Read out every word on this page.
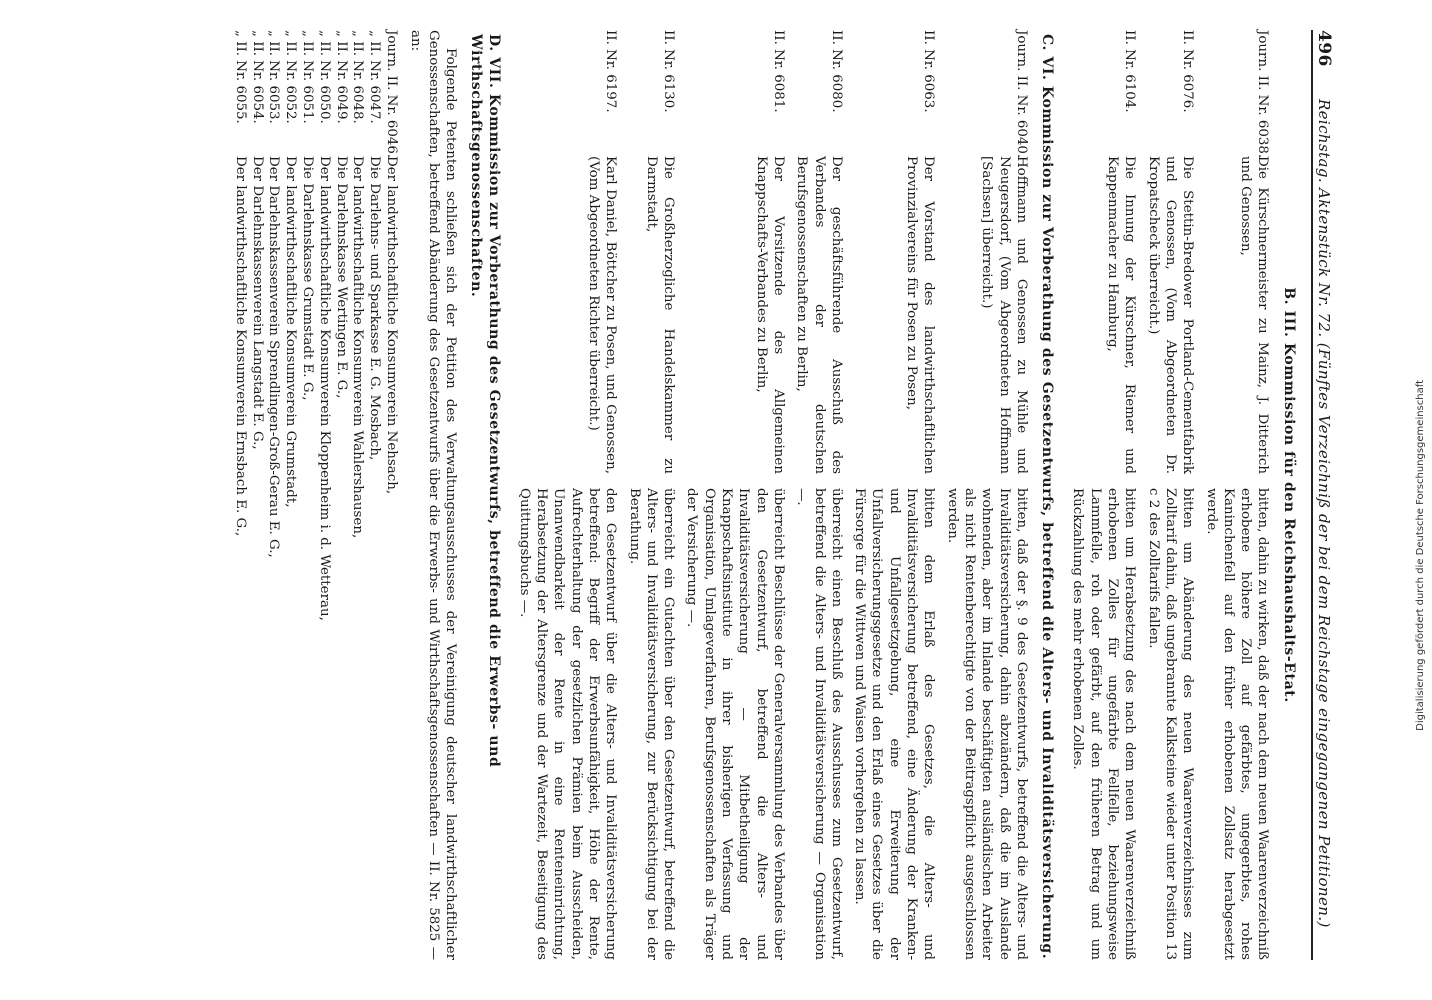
496
Reichstag. Aktenstück Nr. 72. (Fünftes Verzeichniß der bei dem Reichstage eingegangenen Petitionen.)
B. III. Kommission für den Reichshaushalts-Etat.
Journ. II. Nr. 6038.
Die Kürschnermeister zu Mainz, J. Ditterich und Genossen,
bitten, dahin zu wirken, daß der nach dem neuen Waarenverzeichniß erhobene höhere Zoll auf gefärbtes, ungegerbtes, rohes Kaninchenfell auf den früher erhobenen Zollsatz herabgesetzt werde.
II. Nr. 6076.
Die Stettin-Bredower Portland-Cementfabrik und Genossen, (Vom Abgeordneten Dr. Kropatscheck überreicht.)
bitten um Abänderung des neuen Waarenverzeichnisses zum Zolltarif dahin, daß ungebrannte Kalksteine wieder unter Position 13 c 2 des Zolltarifs fallen.
II. Nr. 6104.
Die Innung der Kürschner, Riemer und Kappenmacher zu Hamburg,
bitten um Herabsetzung des nach dem neuen Waarenverzeichniß erhobenen Zolles für ungefärbte Fellfelle, beziehungsweise Lammfelle, roh oder gefärbt, auf den früheren Betrag und um Rückzahlung des mehr erhobenen Zolles.
C. VI. Kommission zur Vorberathung des Gesetzentwurfs, betreffend die Alters- und Invaliditätsversicherung.
Journ. II. Nr. 6040.
Hoffmann und Genossen zu Mühle und Neugersdorf, (Vom Abgeordneten Hoffmann [Sachsen] überreicht.)
bitten, daß der §. 9 des Gesetzentwurfs, betreffend die Alters- und Invaliditätsversicherung, dahin abzuändern, daß die im Auslande wohnenden, aber im Inlande beschäftigten ausländischen Arbeiter als nicht Rentenberechtigte von der Beitragspflicht ausgeschlossen werden.
II. Nr. 6063.
Der Vorstand des landwirthschaftlichen Provinzialvereins für Posen zu Posen,
bitten dem Erlaß des Gesetzes, die Alters- und Invaliditätsversicherung betreffend, eine Änderung der Kranken- und Unfallgesetzgebung, eine Erweiterung der Unfallversicherungsgesetze und den Erlaß eines Gesetzes über die Fürsorge für die Wittwen und Waisen vorhergehen zu lassen.
II. Nr. 6080.
Der geschäftsführende Ausschuß des Verbandes der deutschen Berufsgenossenschaften zu Berlin,
überreicht einen Beschluß des Ausschusses zum Gesetzentwurf, betreffend die Alters- und Invaliditätsversicherung — Organisation —.
II. Nr. 6081.
Der Vorsitzende des Allgemeinen Knappschafts-Verbandes zu Berlin,
überreicht Beschlüsse der Generalversammlung des Verbandes über den Gesetzentwurf, betreffend die Alters- und Invaliditätsversicherung — Mitbetheiligung der Knappschaftsinstitute in ihrer bisherigen Verfassung und Organisation, Umlageverfahren, Berufsgenossenschaften als Träger der Versicherung —.
II. Nr. 6130.
Die Großherzogliche Handelskammer zu Darmstadt,
überreicht ein Gutachten über den Gesetzentwurf, betreffend die Alters- und Invaliditätsversicherung, zur Berücksichtigung bei der Berathung.
II. Nr. 6197.
Karl Daniel, Böttcher zu Posen, und Genossen, (Vom Abgeordneten Richter überreicht.)
den Gesetzentwurf über die Alters- und Invaliditätsversicherung betreffend: Begriff der Erwerbsunfähigkeit, Höhe der Rente, Aufrechterhaltung der gesetzlichen Prämien beim Ausscheiden, Unanwendbarkeit der Rente in eine Renteneinrichtung, Herabsetzung der Altersgrenze und der Wartezeit, Beseitigung des Quittungsbuchs —.
D. VII. Kommission zur Vorberathung des Gesetzentwurfs, betreffend die Erwerbs- und Wirthschaftsgenossenschaften.
Folgende Petenten schließen sich der Petition des Verwaltungsausschusses der Vereinigung deutscher landwirthschaftlicher Genossenschaften, betreffend Abänderung des Gesetzentwurfs über die Erwerbs- und Wirthschaftsgenossenschaften — II. Nr. 5825 — an:
Journ. II. Nr. 6046.
Der landwirthschaftliche Konsumverein Nehsach,
„ II. Nr. 6047.
Die Darlehns- und Sparkasse E. G. Mosbach,
„ II. Nr. 6048.
Der landwirthschaftliche Konsumverein Wahlershausen,
„ II. Nr. 6049.
Die Darlehnskasse Wertingen E. G.,
„ II. Nr. 6050.
Der landwirthschaftliche Konsumverein Kloppenheim i. d. Wetterau,
„ II. Nr. 6051.
Die Darlehnskasse Grumstadt E. G.,
„ II. Nr. 6052.
Der landwirthschaftliche Konsumverein Grumstadt,
„ II. Nr. 6053.
Der Darlehnskassenverein Sprendlingen-Groß-Gerau E. G.,
„ II. Nr. 6054.
Der Darlehnskassenverein Langstadt E. G.,
„ II. Nr. 6055.
Der landwirthschaftliche Konsumverein Ernsbach E. G.,
Digitalisierung gefördert durch die Deutsche Forschungsgemeinschaft
